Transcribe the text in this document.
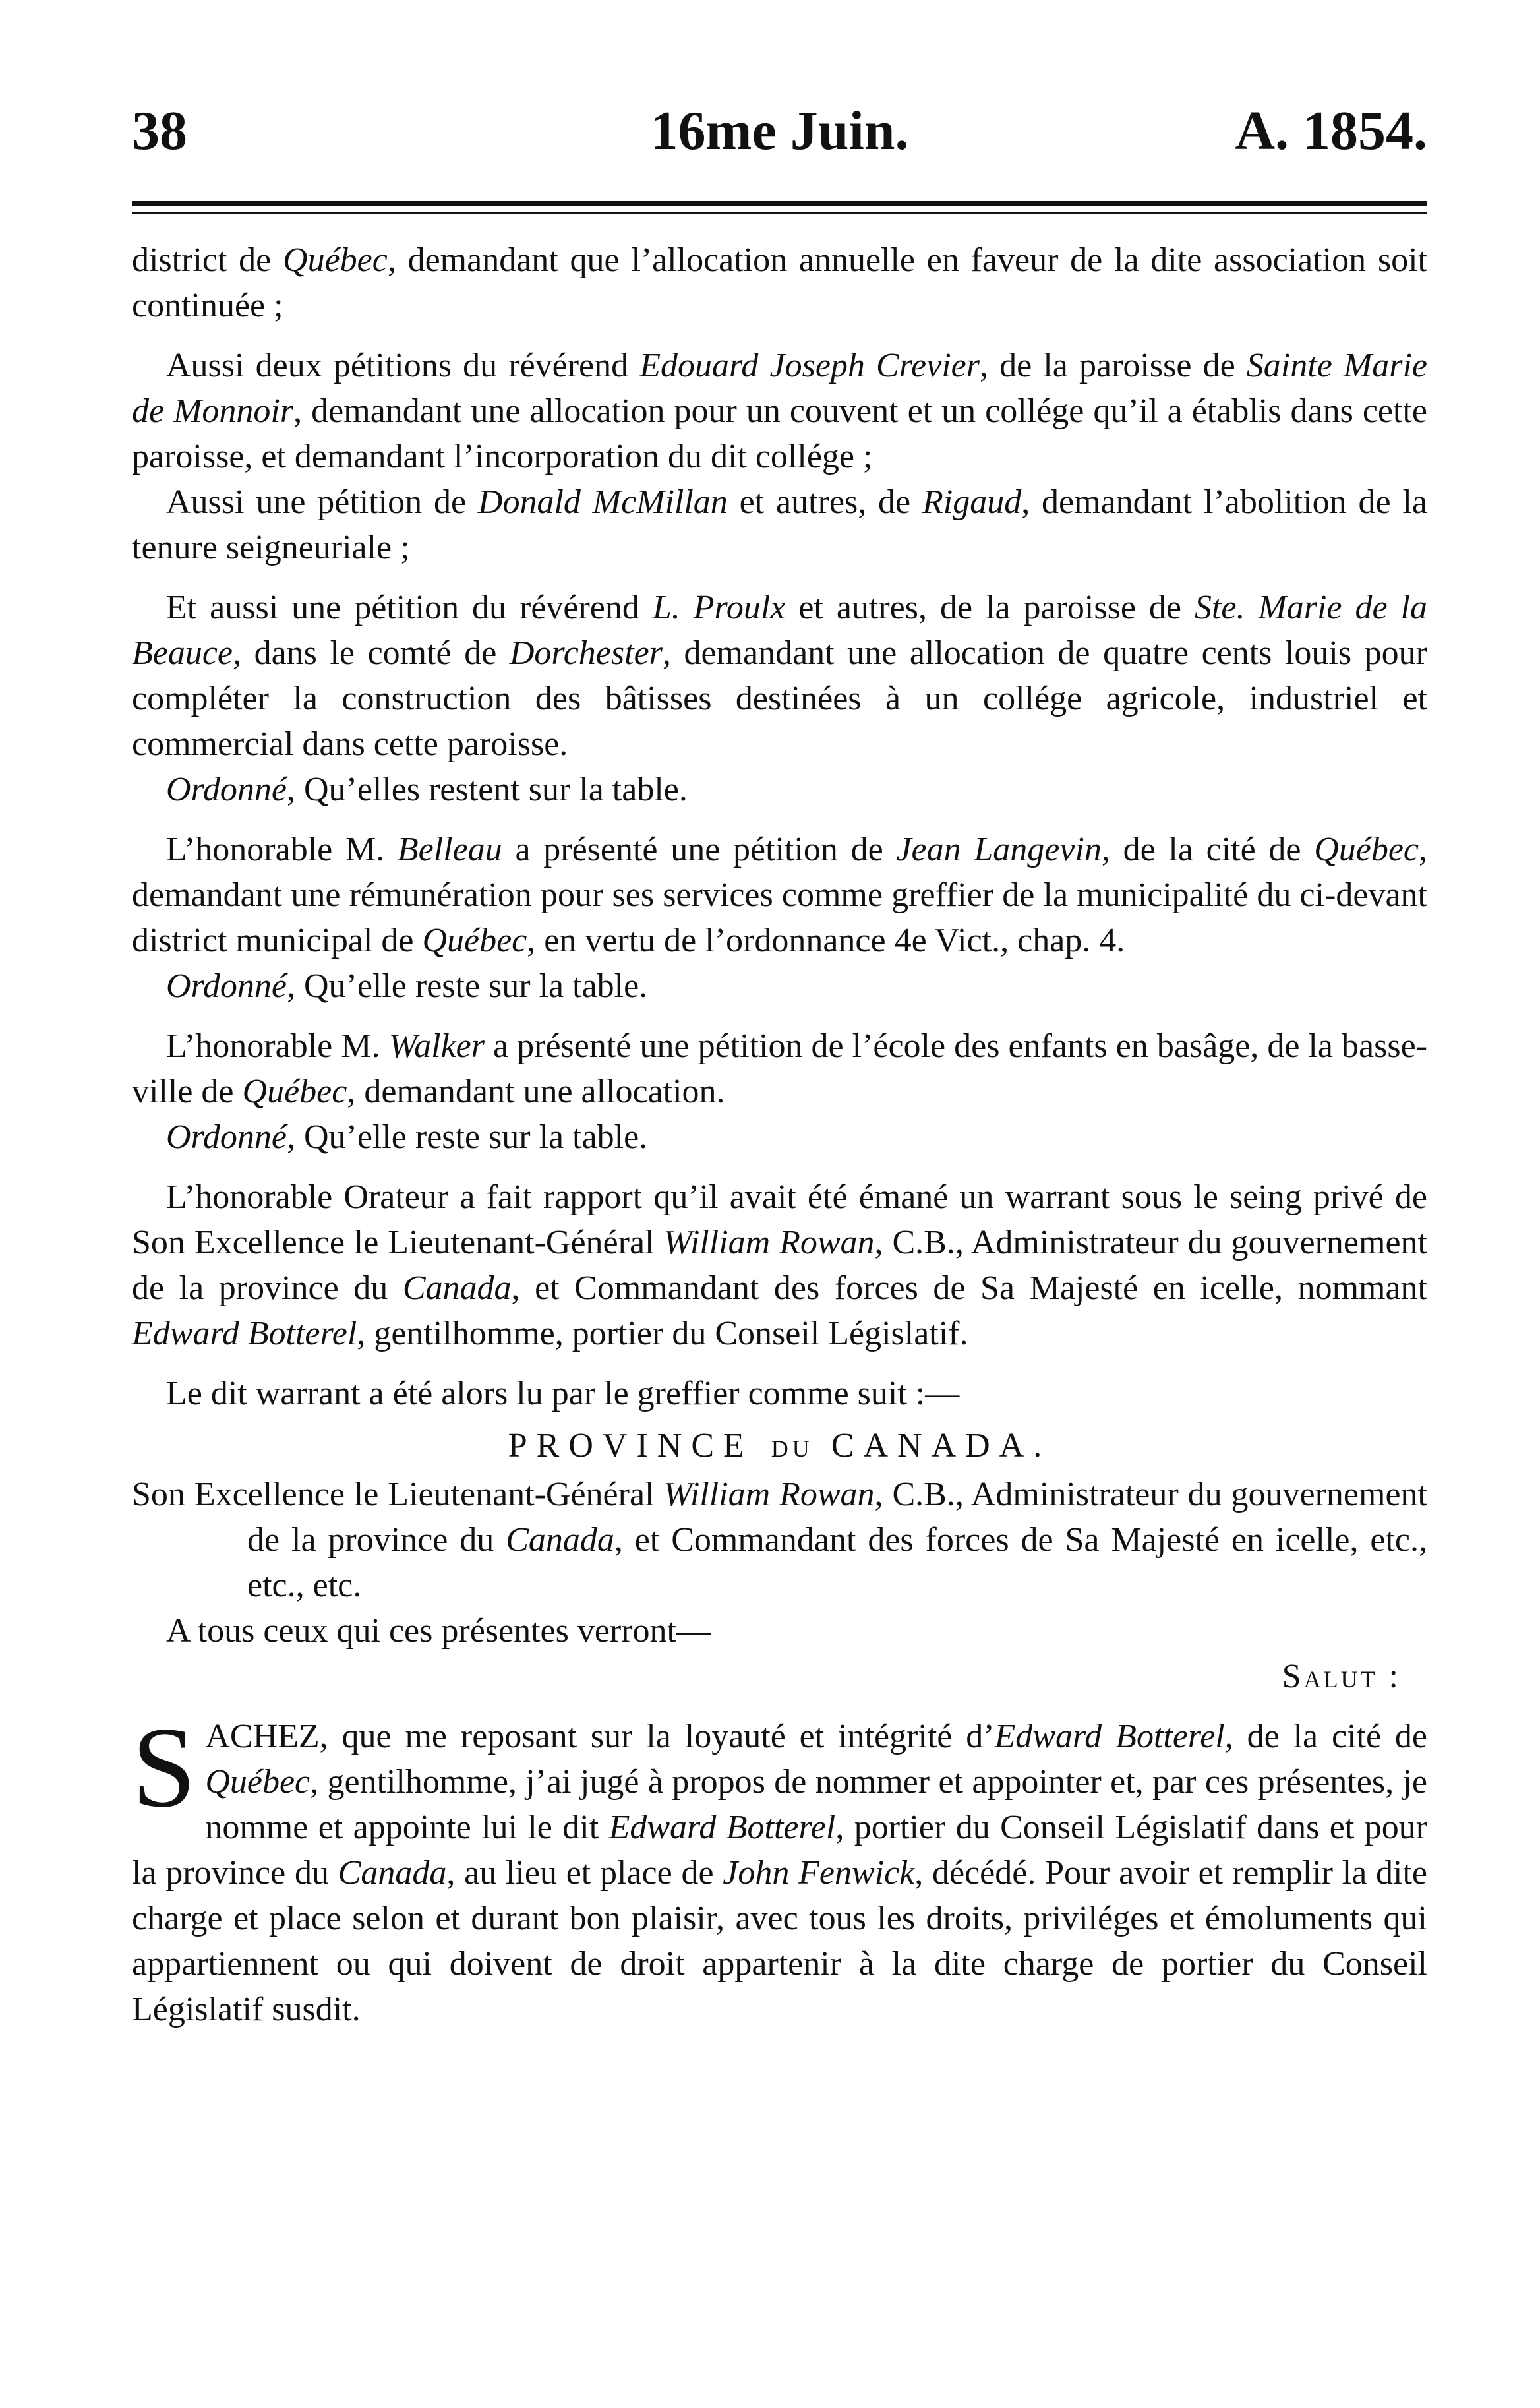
38	16me Juin.	A. 1854.

district de Québec, demandant que l’allocation annuelle en faveur de la dite association soit continuée ;

Aussi deux pétitions du révérend Edouard Joseph Crevier, de la paroisse de Sainte Marie de Monnoir, demandant une allocation pour un couvent et un collége qu’il a établis dans cette paroisse, et demandant l’incorporation du dit collége ;

Aussi une pétition de Donald McMillan et autres, de Rigaud, demandant l’abolition de la tenure seigneuriale ;

Et aussi une pétition du révérend L. Proulx et autres, de la paroisse de Ste. Marie de la Beauce, dans le comté de Dorchester, demandant une allocation de quatre cents louis pour compléter la construction des bâtisses destinées à un collége agricole, industriel et commercial dans cette paroisse.

Ordonné, Qu’elles restent sur la table.

L’honorable M. Belleau a présenté une pétition de Jean Langevin, de la cité de Québec, demandant une rémunération pour ses services comme greffier de la municipalité du ci-devant district municipal de Québec, en vertu de l’ordonnance 4e Vict., chap. 4.

Ordonné, Qu’elle reste sur la table.

L’honorable M. Walker a présenté une pétition de l’école des enfants en basâge, de la basse-ville de Québec, demandant une allocation.

Ordonné, Qu’elle reste sur la table.

L’honorable Orateur a fait rapport qu’il avait été émané un warrant sous le seing privé de Son Excellence le Lieutenant-Général William Rowan, C.B., Administrateur du gouvernement de la province du Canada, et Commandant des forces de Sa Majesté en icelle, nommant Edward Botterel, gentilhomme, portier du Conseil Législatif.

Le dit warrant a été alors lu par le greffier comme suit :—

PROVINCE DU CANADA.

Son Excellence le Lieutenant-Général William Rowan, C.B., Administrateur du gouvernement de la province du Canada, et Commandant des forces de Sa Majesté en icelle, etc., etc., etc.

A tous ceux qui ces présentes verront—

Salut :

SACHEZ, que me reposant sur la loyauté et intégrité d’Edward Botterel, de la cité de Québec, gentilhomme, j’ai jugé à propos de nommer et appointer et, par ces présentes, je nomme et appointe lui le dit Edward Botterel, portier du Conseil Législatif dans et pour la province du Canada, au lieu et place de John Fenwick, décédé. Pour avoir et remplir la dite charge et place selon et durant bon plaisir, avec tous les droits, priviléges et émoluments qui appartiennent ou qui doivent de droit appartenir à la dite charge de portier du Conseil Législatif susdit.
